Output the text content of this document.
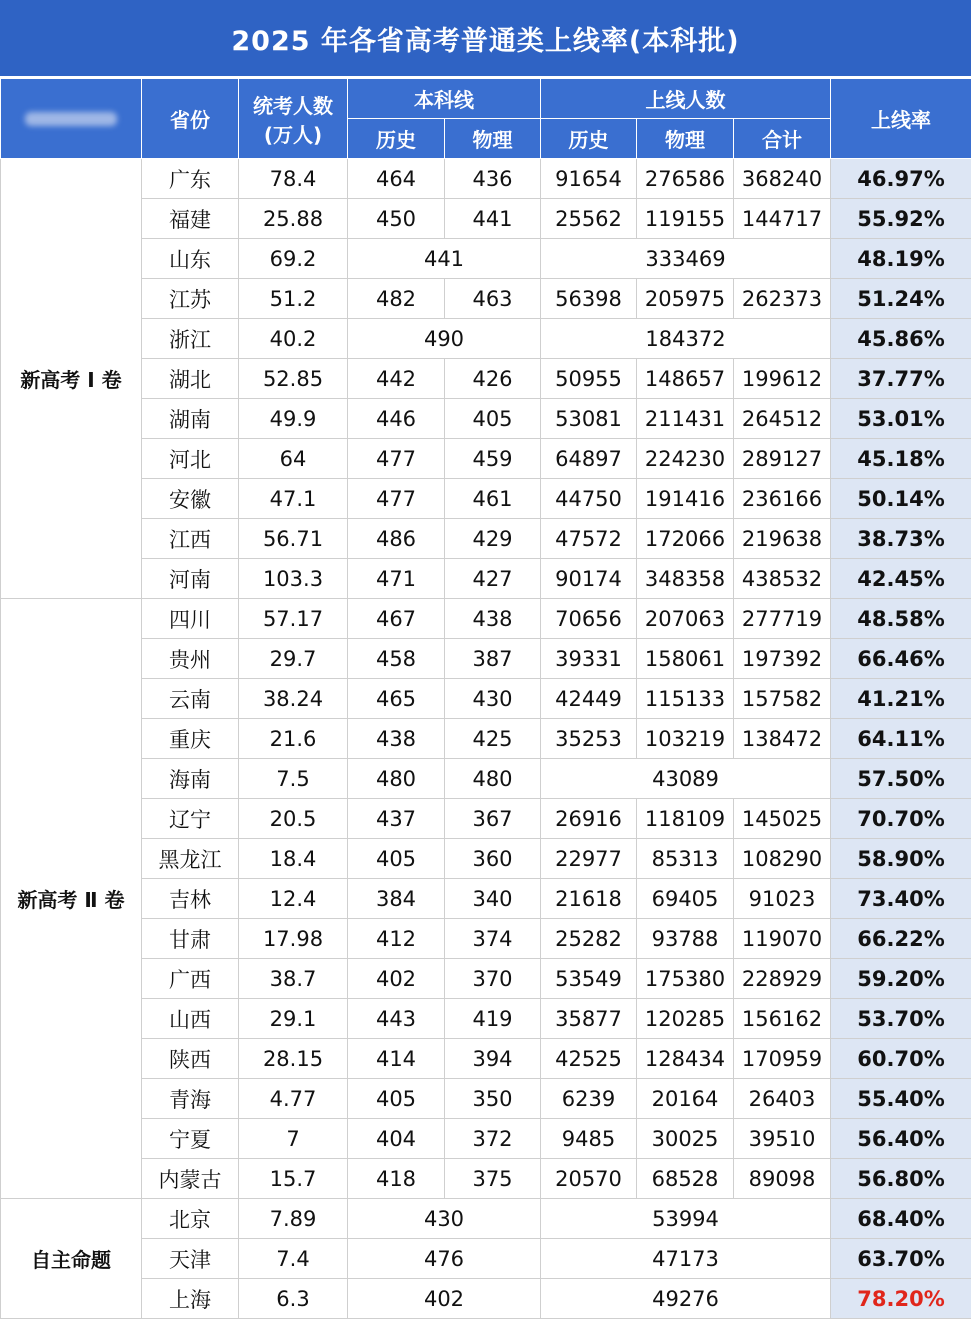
2025 年各省高考普通类上线率(本科批)
	省份	统考人数
(万人)	本科线		上线人数			上线率
			历史	物理	历史	物理	合计	
新高考 Ⅰ 卷	广东	78.4	464	436	91654	276586	368240	46.97%
	福建	25.88	450	441	25562	119155	144717	55.92%
	山东	69.2	441		333469			48.19%
	江苏	51.2	482	463	56398	205975	262373	51.24%
	浙江	40.2	490		184372			45.86%
	湖北	52.85	442	426	50955	148657	199612	37.77%
	湖南	49.9	446	405	53081	211431	264512	53.01%
	河北	64	477	459	64897	224230	289127	45.18%
	安徽	47.1	477	461	44750	191416	236166	50.14%
	江西	56.71	486	429	47572	172066	219638	38.73%
	河南	103.3	471	427	90174	348358	438532	42.45%
新高考 Ⅱ 卷	四川	57.17	467	438	70656	207063	277719	48.58%
	贵州	29.7	458	387	39331	158061	197392	66.46%
	云南	38.24	465	430	42449	115133	157582	41.21%
	重庆	21.6	438	425	35253	103219	138472	64.11%
	海南	7.5	480	480	43089			57.50%
	辽宁	20.5	437	367	26916	118109	145025	70.70%
	黑龙江	18.4	405	360	22977	85313	108290	58.90%
	吉林	12.4	384	340	21618	69405	91023	73.40%
	甘肃	17.98	412	374	25282	93788	119070	66.22%
	广西	38.7	402	370	53549	175380	228929	59.20%
	山西	29.1	443	419	35877	120285	156162	53.70%
	陕西	28.15	414	394	42525	128434	170959	60.70%
	青海	4.77	405	350	6239	20164	26403	55.40%
	宁夏	7	404	372	9485	30025	39510	56.40%
	内蒙古	15.7	418	375	20570	68528	89098	56.80%
自主命题	北京	7.89	430		53994			68.40%
	天津	7.4	476		47173			63.70%
	上海	6.3	402		49276			78.20%
